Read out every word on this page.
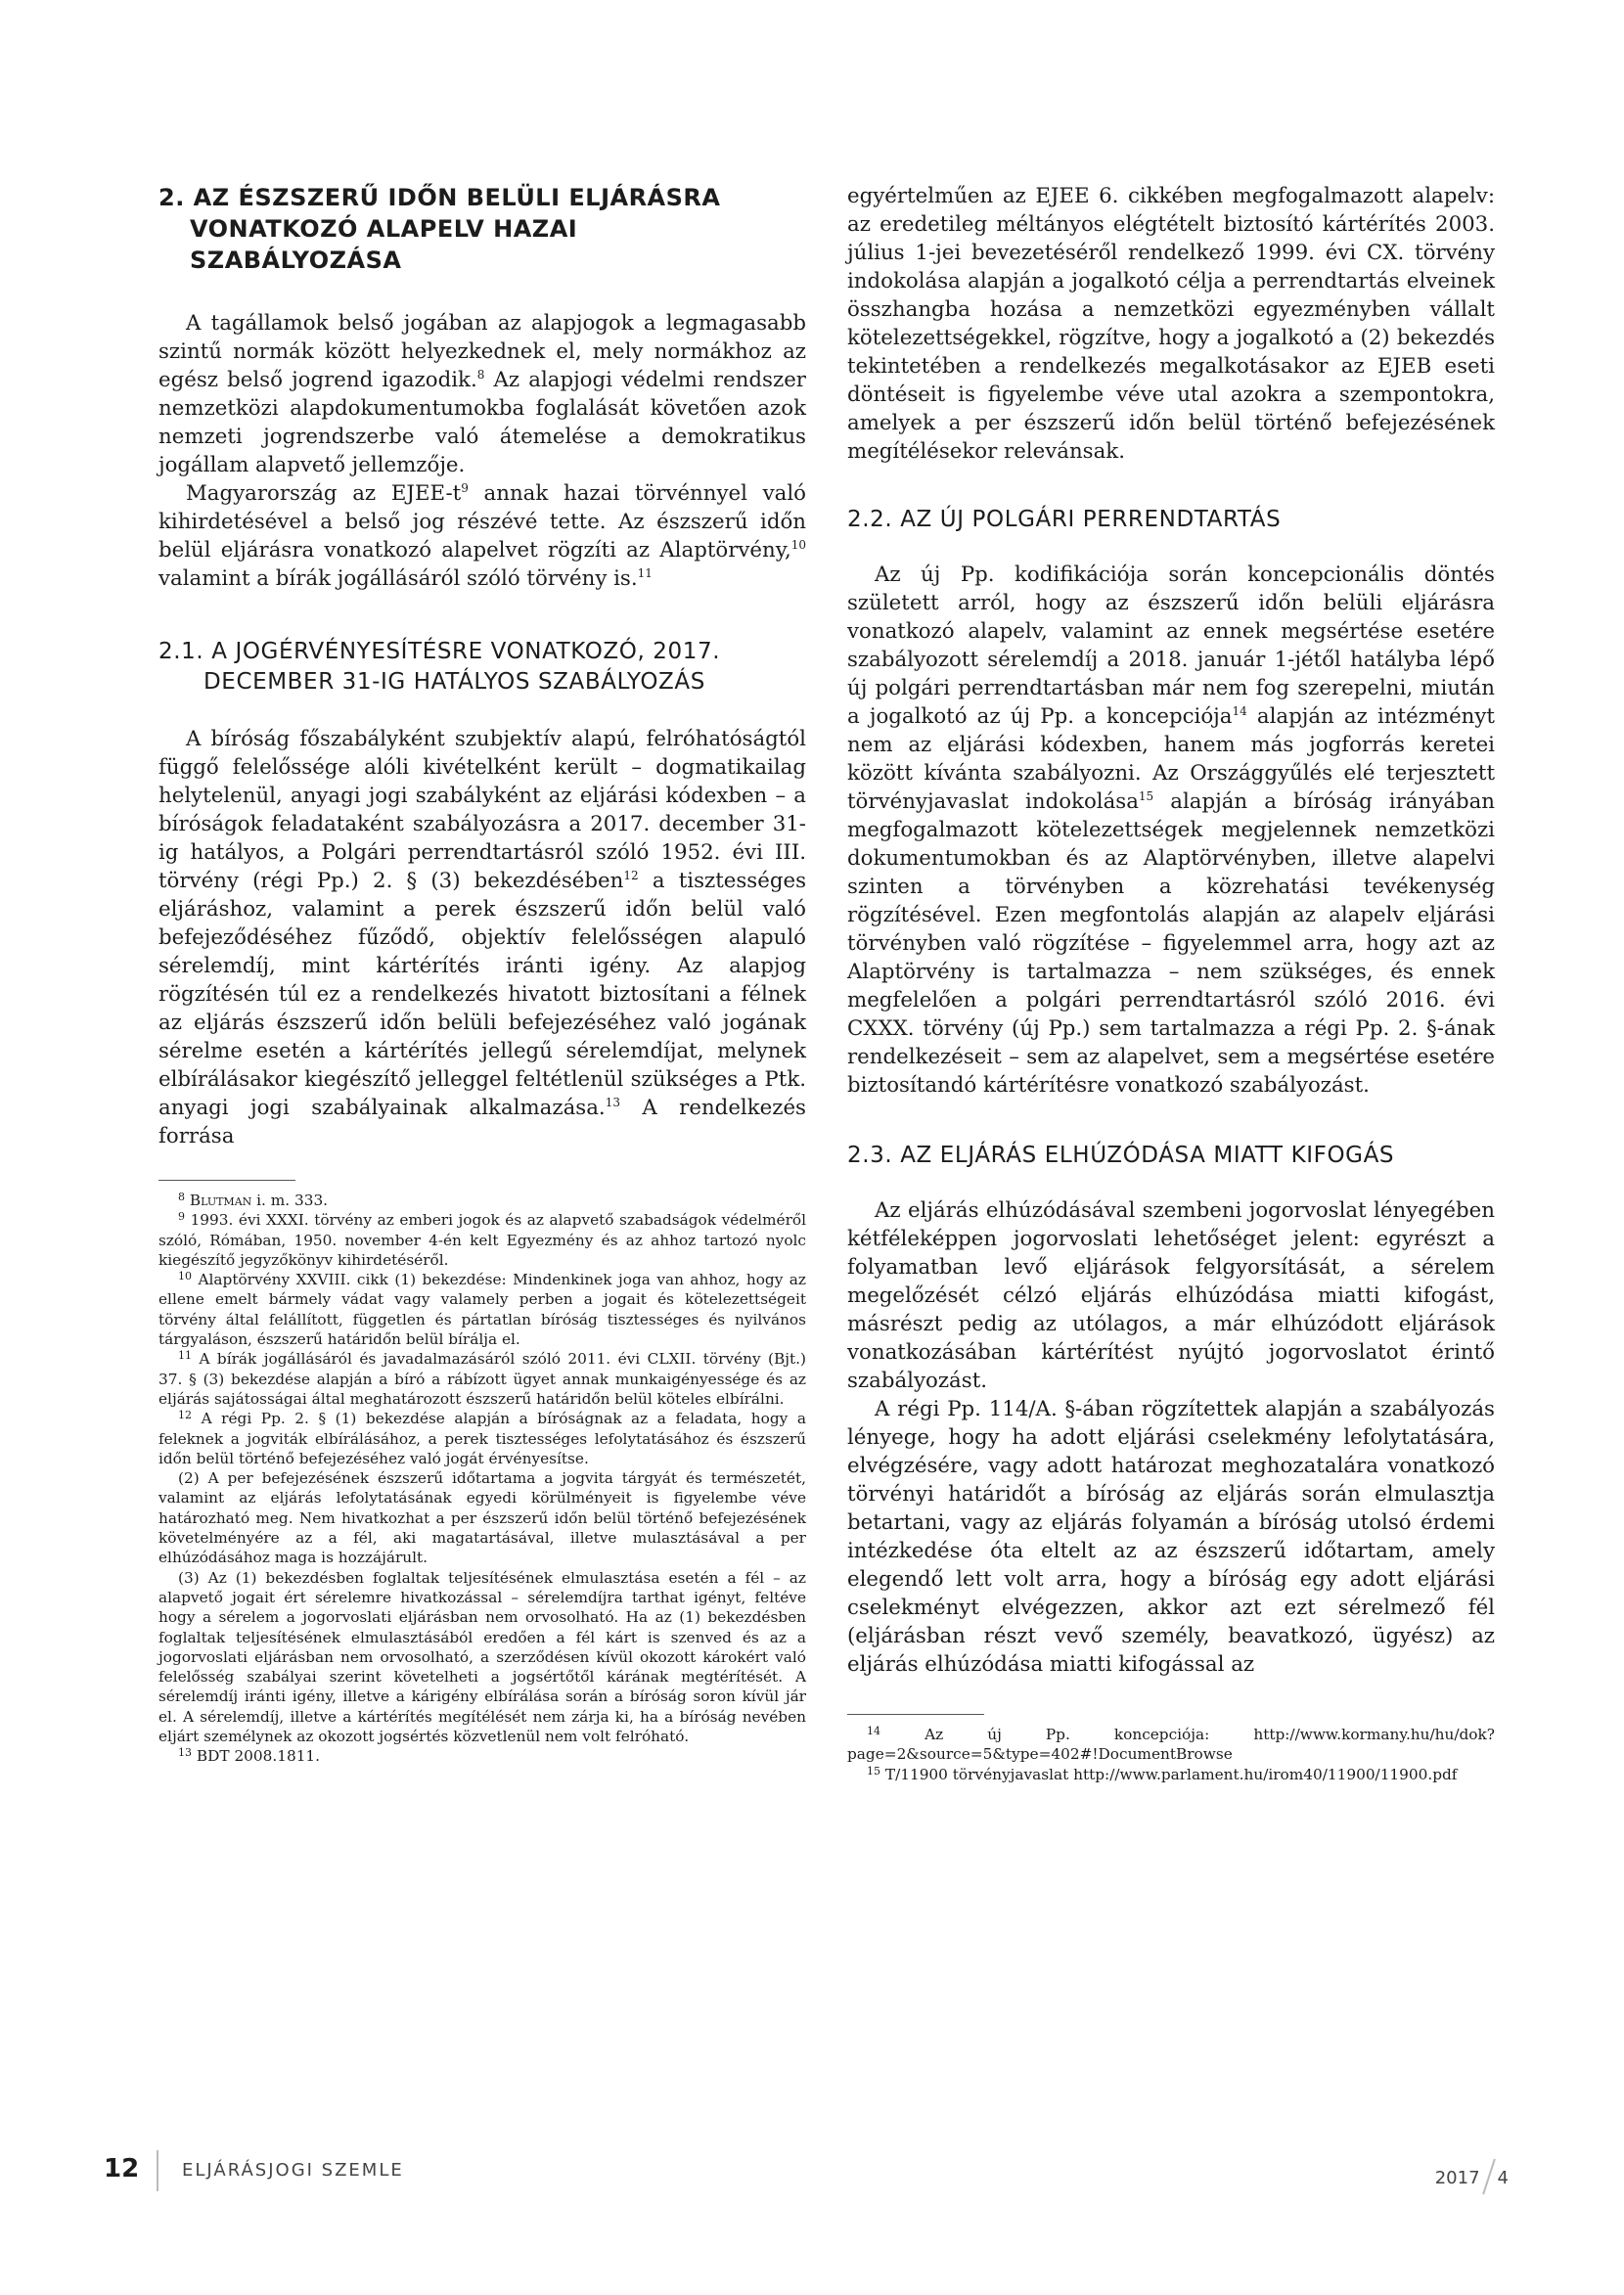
2. AZ ÉSZSZERŰ IDŐN BELÜLI ELJÁRÁSRA
VONATKOZÓ ALAPELV HAZAI
SZABÁLYOZÁSA

A tagállamok belső jogában az alapjogok a legmagasabb szintű normák között helyezkednek el, mely normákhoz az egész belső jogrend igazodik.$^8$ Az alapjogi védelmi rendszer nemzetközi alapdokumentumokba foglalását követően azok nemzeti jogrendszerbe való átemelése a demokratikus jogállam alapvető jellemzője.

Magyarország az EJEE-$t^9$ annak hazai törvénnyel való kihirdetésével a belső jog részévé tette. Az észszerű időn belül eljárásra vonatkozó alapelvet rögzíti az Alaptörvény,$^{10}$ valamint a bírák jogállásáról szóló törvény is.$^{11}$

2.1. A JOGÉRVÉNYESÍTÉSRE VONATKOZÓ, 2017.
DECEMBER 31-IG HATÁLYOS SZABÁLYOZÁS

A bíróság főszabályként szubjektív alapú, felróhatóságtól függő felelőssége alóli kivételként került – dogmatikailag helytelenül, anyagi jogi szabályként az eljárási kódexben – a bíróságok feladataként szabályozásra a 2017. december 31-ig hatályos, a Polgári perrendtartásról szóló 1952. évi III. törvény (régi Pp.) 2. § (3) bekezdésében$^{12}$ a tisztességes eljáráshoz, valamint a perek észszerű időn belül való befejeződéséhez fűződő, objektív felelősségen alapuló sérelemdíj, mint kártérítés iránti igény. Az alapjog rögzítésén túl ez a rendelkezés hivatott biztosítani a félnek az eljárás észszerű időn belüli befejezéséhez való jogának sérelme esetén a kártérítés jellegű sérelemdíjat, melynek elbírálásakor kiegészítő jelleggel feltétlenül szükséges a Ptk. anyagi jogi szabályainak alkalmazása.$^{13}$ A rendelkezés forrása

$^8$ Blutman i. m. 333.

$^9$ 1993. évi XXXI. törvény az emberi jogok és az alapvető szabadságok védelméről szóló, Rómában, 1950. november 4-én kelt Egyezmény és az ahhoz tartozó nyolc kiegészítő jegyzőkönyv kihirdetéséről.

$^{10}$ Alaptörvény XXVIII. cikk (1) bekezdése: Mindenkinek joga van ahhoz, hogy az ellene emelt bármely vádat vagy valamely perben a jogait és kötelezettségeit törvény által felállított, független és pártatlan bíróság tisztességes és nyilvános tárgyaláson, észszerű határidőn belül bírálja el.

$^{11}$ A bírák jogállásáról és javadalmazásáról szóló 2011. évi CLXII. törvény (Bjt.) 37. § (3) bekezdése alapján a bíró a rábízott ügyet annak munkaigényessége és az eljárás sajátosságai által meghatározott észszerű határidőn belül köteles elbírálni.

$^{12}$ A régi Pp. 2. § (1) bekezdése alapján a bíróságnak az a feladata, hogy a feleknek a jogviták elbírálásához, a perek tisztességes lefolytatásához és észszerű időn belül történő befejezéséhez való jogát érvényesítse.

(2) A per befejezésének észszerű időtartama a jogvita tárgyát és természetét, valamint az eljárás lefolytatásának egyedi körülményeit is figyelembe véve határozható meg. Nem hivatkozhat a per észszerű időn belül történő befejezésének követelményére az a fél, aki magatartásával, illetve mulasztásával a per elhúzódásához maga is hozzájárult.

(3) Az (1) bekezdésben foglaltak teljesítésének elmulasztása esetén a fél – az alapvető jogait ért sérelemre hivatkozással – sérelemdíjra tarthat igényt, feltéve hogy a sérelem a jogorvoslati eljárásban nem orvosolható. Ha az (1) bekezdésben foglaltak teljesítésének elmulasztásából eredően a fél kárt is szenved és az a jogorvoslati eljárásban nem orvosolható, a szerződésen kívül okozott károkért való felelősség szabályai szerint követelheti a jogsértőtől kárának megtérítését. A sérelemdíj iránti igény, illetve a kárigény elbírálása során a bíróság soron kívül jár el. A sérelemdíj, illetve a kártérítés megítélését nem zárja ki, ha a bíróság nevében eljárt személynek az okozott jogsértés közvetlenül nem volt felróható.

$^{13}$ BDT 2008.1811.

egyértelműen az EJEE 6. cikkében megfogalmazott alapelv: az eredetileg méltányos elégtételt biztosító kártérítés 2003. július 1-jei bevezetéséről rendelkező 1999. évi CX. törvény indokolása alapján a jogalkotó célja a perrendtartás elveinek összhangba hozása a nemzetközi egyezményben vállalt kötelezettségekkel, rögzítve, hogy a jogalkotó a (2) bekezdés tekintetében a rendelkezés megalkotásakor az EJEB eseti döntéseit is figyelembe véve utal azokra a szempontokra, amelyek a per észszerű időn belül történő befejezésének megítélésekor relevánsak.

2.2. AZ ÚJ POLGÁRI PERRENDTARTÁS

Az új Pp. kodifikációja során koncepcionális döntés született arról, hogy az észszerű időn belüli eljárásra vonatkozó alapelv, valamint az ennek megsértése esetére szabályozott sérelemdíj a 2018. január 1-jétől hatályba lépő új polgári perrendtartásban már nem fog szerepelni, miután a jogalkotó az új Pp. a koncepciója$^{14}$ alapján az intézményt nem az eljárási kódexben, hanem más jogforrás keretei között kívánta szabályozni. Az Országgyűlés elé terjesztett törvényjavaslat indokolása$^{15}$ alapján a bíróság irányában megfogalmazott kötelezettségek megjelennek nemzetközi dokumentumokban és az Alaptörvényben, illetve alapelvi szinten a törvényben a közrehatási tevékenység rögzítésével. Ezen megfontolás alapján az alapelv eljárási törvényben való rögzítése – figyelemmel arra, hogy azt az Alaptörvény is tartalmazza – nem szükséges, és ennek megfelelően a polgári perrendtartásról szóló 2016. évi CXXX. törvény (új Pp.) sem tartalmazza a régi Pp. 2. §-ának rendelkezéseit – sem az alapelvet, sem a megsértése esetére biztosítandó kártérítésre vonatkozó szabályozást.

2.3. AZ ELJÁRÁS ELHÚZÓDÁSA MIATT KIFOGÁS

Az eljárás elhúzódásával szembeni jogorvoslat lényegében kétféleképpen jogorvoslati lehetőséget jelent: egyrészt a folyamatban levő eljárások felgyorsítását, a sérelem megelőzését célzó eljárás elhúzódása miatti kifogást, másrészt pedig az utólagos, a már elhúzódott eljárások vonatkozásában kártérítést nyújtó jogorvoslatot érintő szabályozást.

A régi Pp. 114/A. §-ában rögzítettek alapján a szabályozás lényege, hogy ha adott eljárási cselekmény lefolytatására, elvégzésére, vagy adott határozat meghozatalára vonatkozó törvényi határidőt a bíróság az eljárás során elmulasztja betartani, vagy az eljárás folyamán a bíróság utolsó érdemi intézkedése óta eltelt az az észszerű időtartam, amely elegendő lett volt arra, hogy a bíróság egy adott eljárási cselekményt elvégezzen, akkor azt ezt sérelmező fél (eljárásban részt vevő személy, beavatkozó, ügyész) az eljárás elhúzódása miatti kifogással az

$^{14}$	Az új Pp. koncepciója: http://www.kormany.hu/hu/dok?page=2&source=5&type=402#!DocumentBrowse

$^{15}$ T/11900 törvényjavaslat http://www.parlament.hu/irom40/11900/11900.pdf

12 ELJÁRÁSJOGI SZEMLE	2017 4
